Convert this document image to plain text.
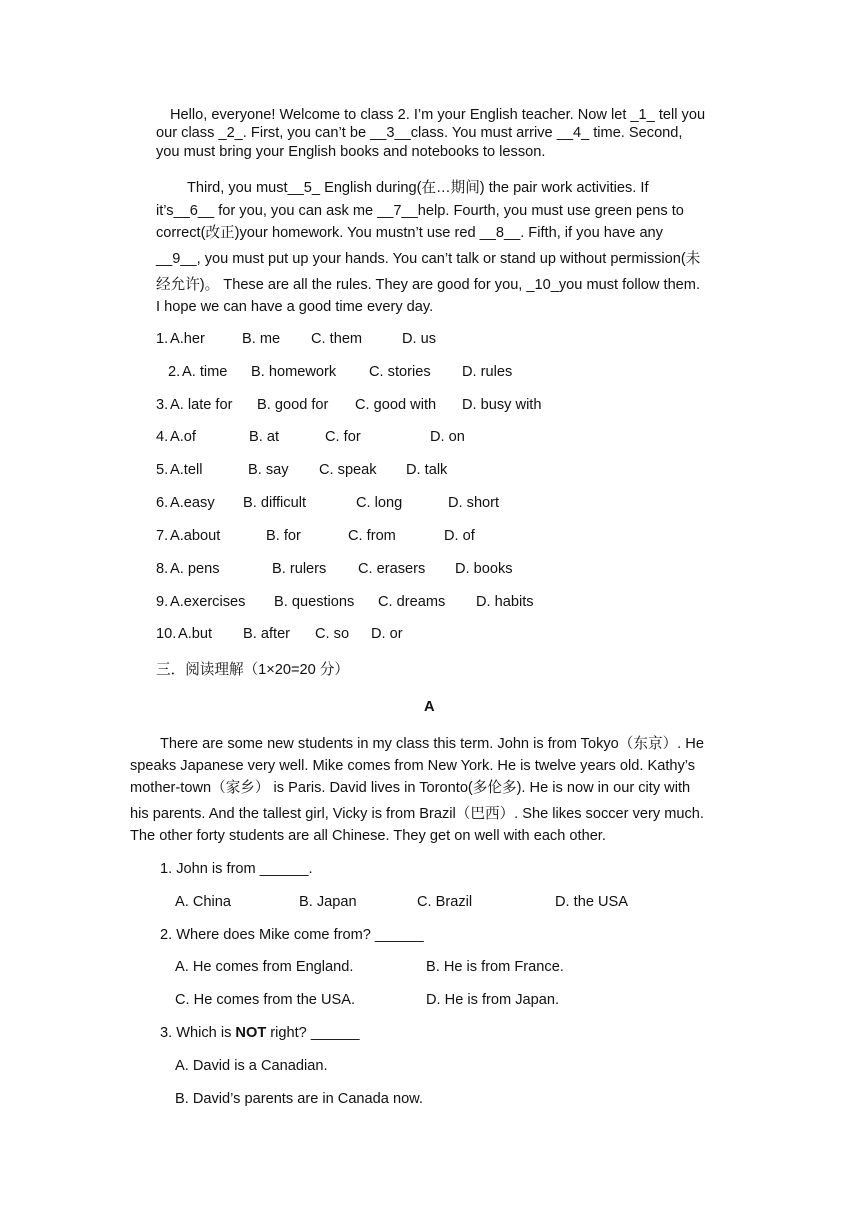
Hello, everyone! Welcome to class 2. I’m your English teacher. Now let _1_ tell you
our class _2_. First, you can’t be __3__class. You must arrive __4_ time. Second,
you must bring your English books and notebooks to lesson.
Third, you must__5_ English during(在…期间) the pair work activities. If
it’s__6__ for you, you can ask me __7__help. Fourth, you must use green pens to
correct(改正)your homework. You mustn’t use red __8__. Fifth, if you have any
__9__, you must put up your hands. You can’t talk or stand up without permission(未
经允许)。 These are all the rules. They are good for you, _10_you must follow them.
I hope we can have a good time every day.
1. A.her	B. me C. them	D. us
2. A. time B. homework C. stories D. rules
3. A. late for B. good for C. good with D. busy with
4. A.of	B. at	C. for	D. on
5. A.tell	B. say C. speak D. talk
6. A.easy B. difficult	C. long	D. short
7. A.about	B. for	C. from	D. of
8. A. pens	B. rulers C. erasers D. books
9. A.exercises B. questions C. dreams D. habits
10. A.but B. after C. so D. or
三．阅读理解（1×20=20 分）
A
There are some new students in my class this term. John is from Tokyo（东京）. He
speaks Japanese very well. Mike comes from New York. He is twelve years old. Kathy’s
mother-town（家乡） is Paris. David lives in Toronto(多伦多). He is now in our city with
his parents. And the tallest girl, Vicky is from Brazil（巴西）. She likes soccer very much.
The other forty students are all Chinese. They get on well with each other.
1. John is from ______.
A. China	B. Japan	C. Brazil	D. the USA
2. Where does Mike come from? ______
A. He comes from England.	B. He is from France.
C. He comes from the USA.	D. He is from Japan.
3. Which is NOT right? ______
A. David is a Canadian.
B. David’s parents are in Canada now.
